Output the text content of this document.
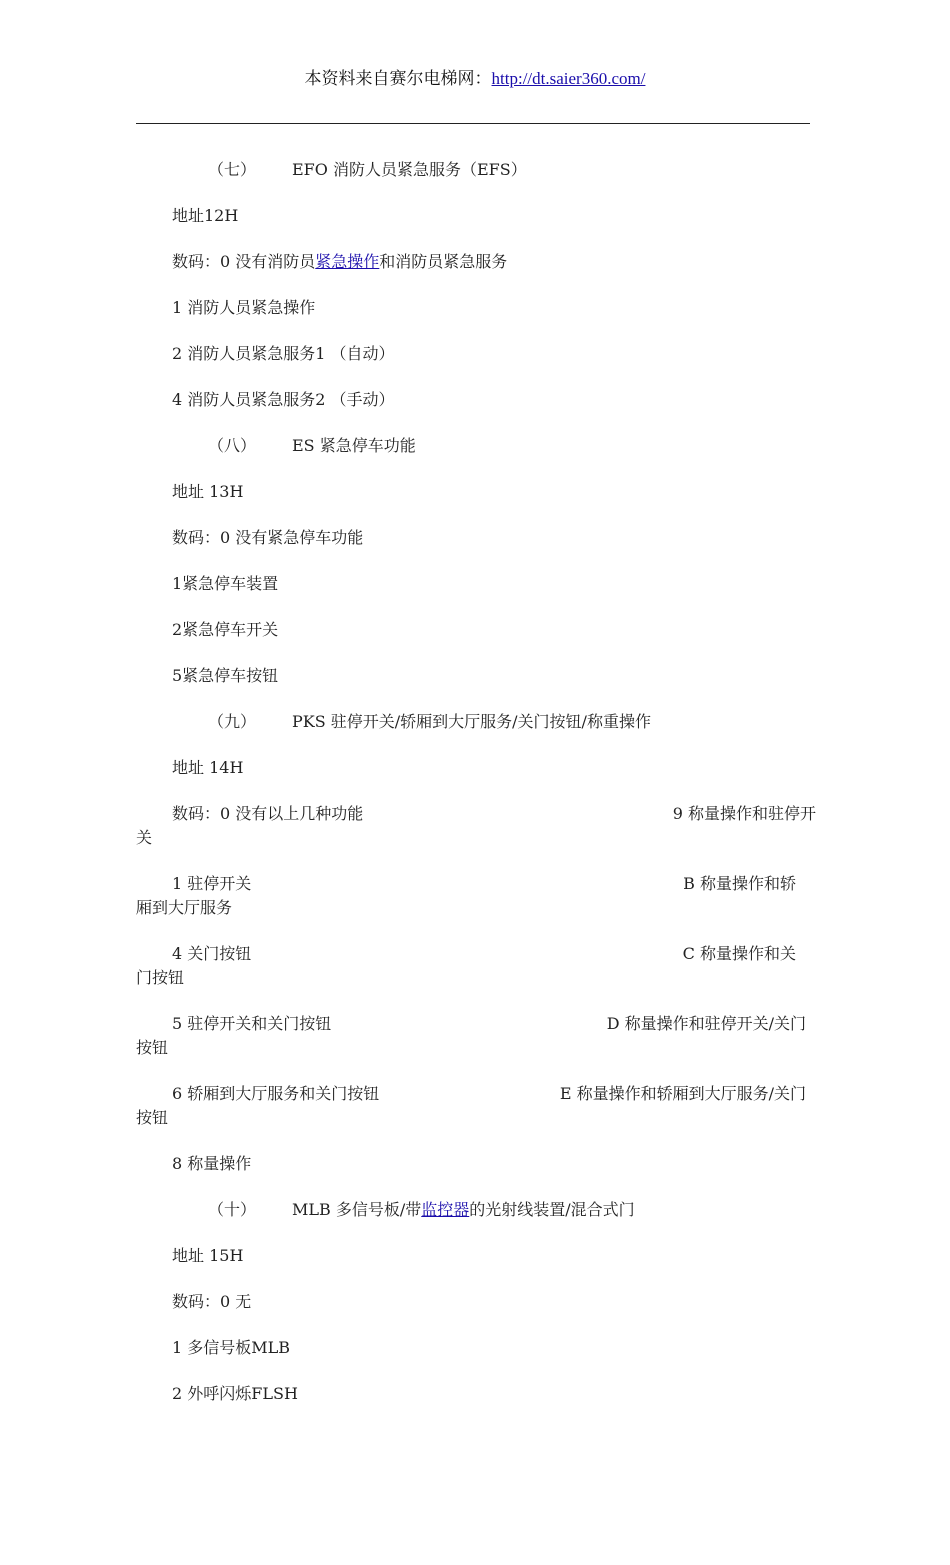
本资料来自赛尔电梯网：http://dt.saier360.com/

（七） EFO 消防人员紧急服务（EFS）

地址12H

数码：0 没有消防员紧急操作和消防员紧急服务

1 消防人员紧急操作

2 消防人员紧急服务1 （自动）

4 消防人员紧急服务2 （手动）

（八） ES 紧急停车功能

地址 13H

数码：0 没有紧急停车功能

1紧急停车装置

2紧急停车开关

5紧急停车按钮

（九） PKS 驻停开关/轿厢到大厅服务/关门按钮/称重操作

地址 14H

数码：0 没有以上几种功能	9 称量操作和驻停开
关
1 驻停开关	B 称量操作和轿
厢到大厅服务
4 关门按钮	C 称量操作和关
门按钮
5 驻停开关和关门按钮	D 称量操作和驻停开关/关门
按钮
6 轿厢到大厅服务和关门按钮	E 称量操作和轿厢到大厅服务/关门
按钮

8 称量操作

（十） MLB 多信号板/带监控器的光射线装置/混合式门

地址 15H

数码：0 无

1 多信号板MLB

2 外呼闪烁FLSH
